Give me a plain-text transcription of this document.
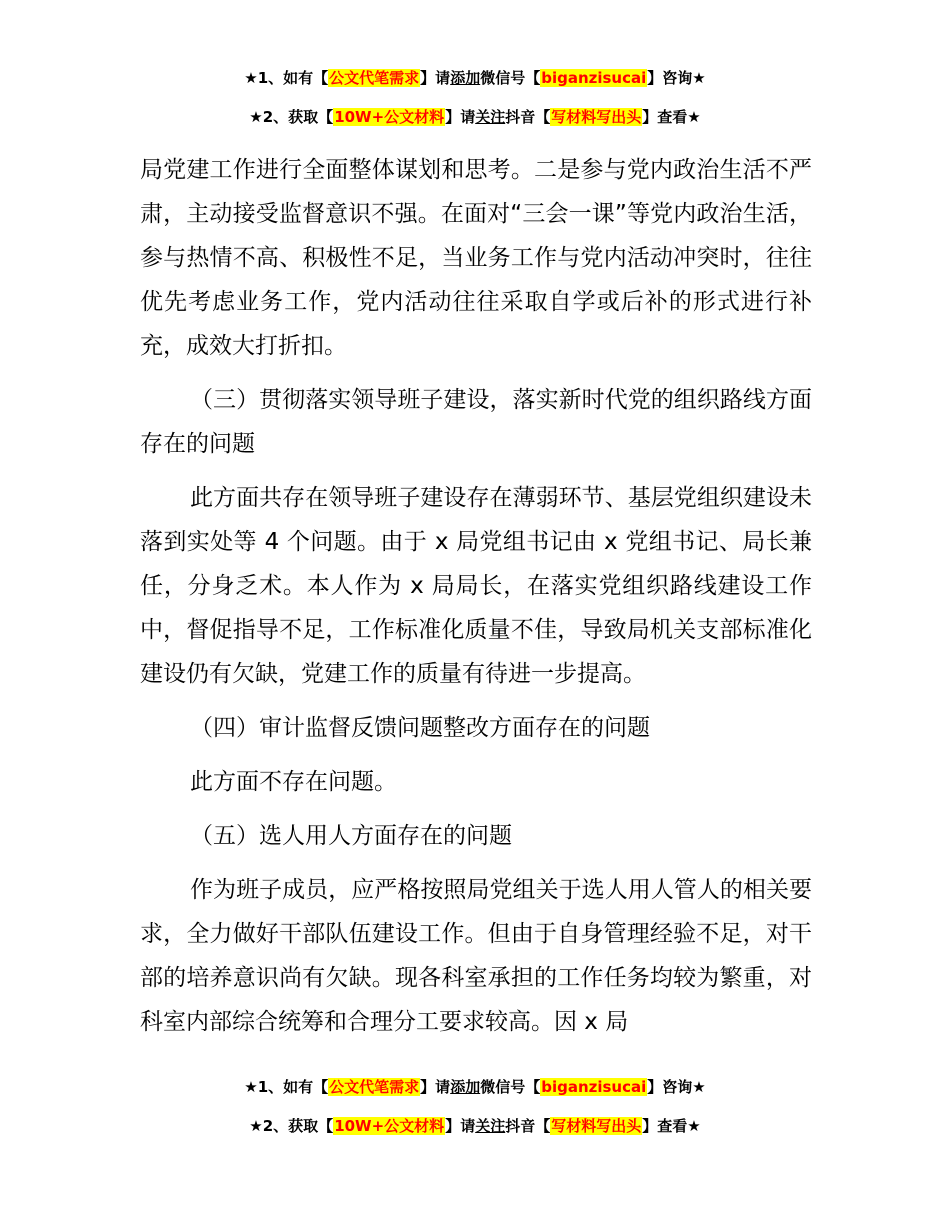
★1、如有【公文代笔需求】请添加微信号【biganzisucai】咨询★
★2、获取【10W+公文材料】请关注抖音【写材料写出头】查看★

局党建工作进行全面整体谋划和思考。二是参与党内政治生活不严肃，主动接受监督意识不强。在面对“三会一课”等党内政治生活，参与热情不高、积极性不足，当业务工作与党内活动冲突时，往往优先考虑业务工作，党内活动往往采取自学或后补的形式进行补充，成效大打折扣。

（三）贯彻落实领导班子建设，落实新时代党的组织路线方面存在的问题

此方面共存在领导班子建设存在薄弱环节、基层党组织建设未落到实处等 4 个问题。由于 x 局党组书记由 x 党组书记、局长兼任，分身乏术。本人作为 x 局局长，在落实党组织路线建设工作中，督促指导不足，工作标准化质量不佳，导致局机关支部标准化建设仍有欠缺，党建工作的质量有待进一步提高。

（四）审计监督反馈问题整改方面存在的问题

此方面不存在问题。

（五）选人用人方面存在的问题

作为班子成员，应严格按照局党组关于选人用人管人的相关要求，全力做好干部队伍建设工作。但由于自身管理经验不足，对干部的培养意识尚有欠缺。现各科室承担的工作任务均较为繁重，对科室内部综合统筹和合理分工要求较高。因 x 局

★1、如有【公文代笔需求】请添加微信号【biganzisucai】咨询★
★2、获取【10W+公文材料】请关注抖音【写材料写出头】查看★
